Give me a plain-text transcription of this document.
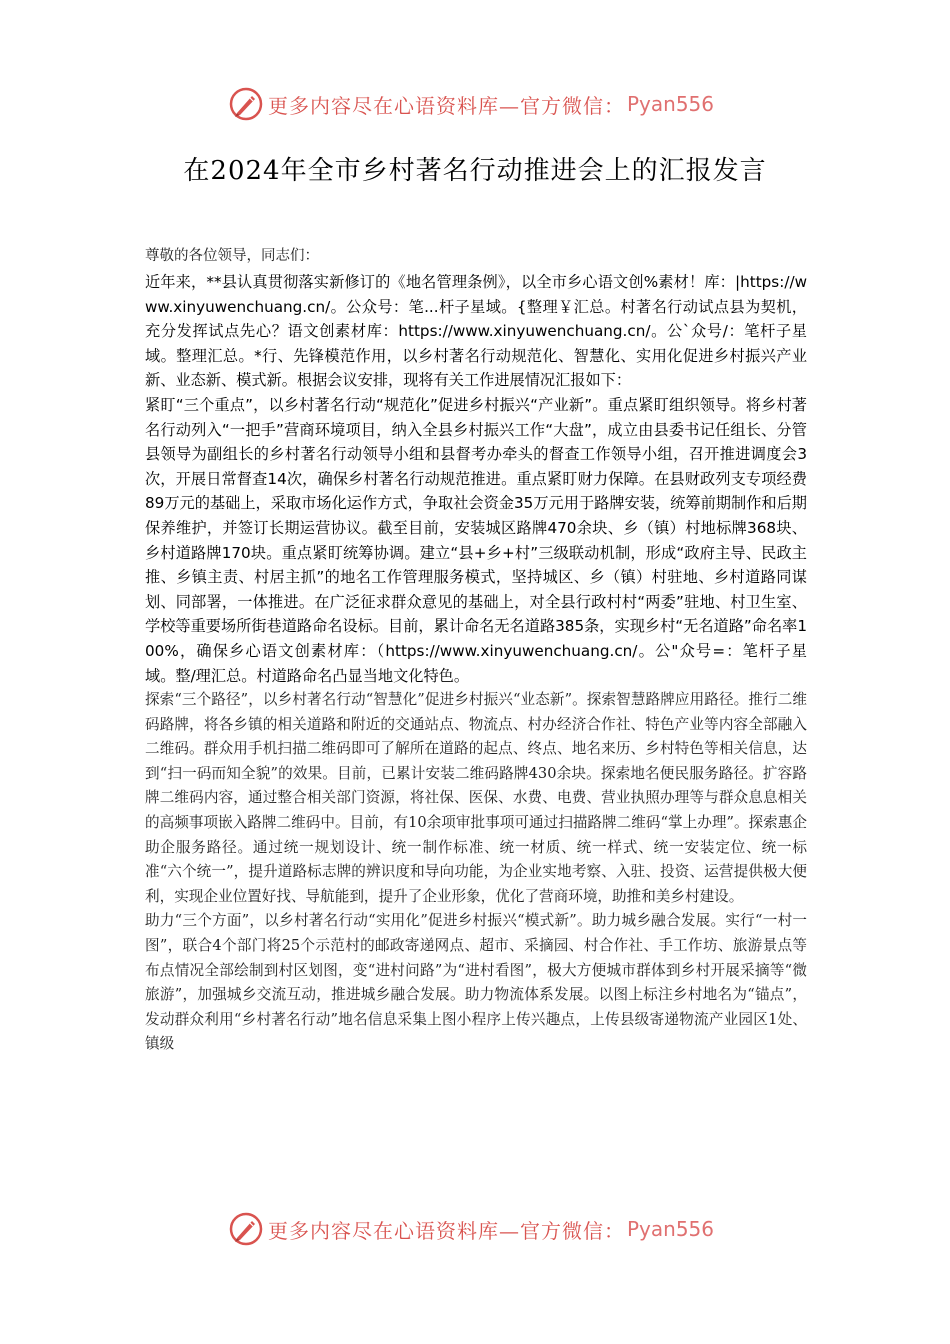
更多内容尽在心语资料库—官方微信： Pyan556
在2024年全市乡村著名行动推进会上的汇报发言

尊敬的各位领导，同志们：

近年来，**县认真贯彻落实新修订的《地名管理条例》，以全市乡心语文创%素材！库：|https://www.xinyuwenchuang.cn/。公众号：笔...杆子星域。{整理￥汇总。村著名行动试点县为契机，充分发挥试点先心？语文创素材库：https://www.xinyuwenchuang.cn/。公`众号/：笔杆子星域。整理汇总。*行、先锋模范作用，以乡村著名行动规范化、智慧化、实用化促进乡村振兴产业新、业态新、模式新。根据会议安排，现将有关工作进展情况汇报如下：

紧盯“三个重点”，以乡村著名行动“规范化”促进乡村振兴“产业新”。重点紧盯组织领导。将乡村著名行动列入“一把手”营商环境项目，纳入全县乡村振兴工作“大盘”，成立由县委书记任组长、分管县领导为副组长的乡村著名行动领导小组和县督考办牵头的督查工作领导小组，召开推进调度会3次，开展日常督查14次，确保乡村著名行动规范推进。重点紧盯财力保障。在县财政列支专项经费89万元的基础上，采取市场化运作方式，争取社会资金35万元用于路牌安装，统筹前期制作和后期保养维护，并签订长期运营协议。截至目前，安装城区路牌470余块、乡（镇）村地标牌368块、乡村道路牌170块。重点紧盯统筹协调。建立“县+乡+村”三级联动机制，形成“政府主导、民政主推、乡镇主责、村居主抓”的地名工作管理服务模式，坚持城区、乡（镇）村驻地、乡村道路同谋划、同部署，一体推进。在广泛征求群众意见的基础上，对全县行政村村“两委”驻地、村卫生室、学校等重要场所街巷道路命名设标。目前，累计命名无名道路385条，实现乡村“无名道路”命名率100%，确保乡心语文创素材库：（https://www.xinyuwenchuang.cn/。公"众号=：笔杆子星域。整/理汇总。村道路命名凸显当地文化特色。

探索“三个路径”，以乡村著名行动“智慧化”促进乡村振兴“业态新”。探索智慧路牌应用路径。推行二维码路牌，将各乡镇的相关道路和附近的交通站点、物流点、村办经济合作社、特色产业等内容全部融入二维码。群众用手机扫描二维码即可了解所在道路的起点、终点、地名来历、乡村特色等相关信息，达到“扫一码而知全貌”的效果。目前，已累计安装二维码路牌430余块。探索地名便民服务路径。扩容路牌二维码内容，通过整合相关部门资源，将社保、医保、水费、电费、营业执照办理等与群众息息相关的高频事项嵌入路牌二维码中。目前，有10余项审批事项可通过扫描路牌二维码“掌上办理”。探索惠企助企服务路径。通过统一规划设计、统一制作标准、统一材质、统一样式、统一安装定位、统一标准“六个统一”，提升道路标志牌的辨识度和导向功能，为企业实地考察、入驻、投资、运营提供极大便利，实现企业位置好找、导航能到，提升了企业形象，优化了营商环境，助推和美乡村建设。

助力“三个方面”，以乡村著名行动“实用化”促进乡村振兴“模式新”。助力城乡融合发展。实行“一村一图”，联合4个部门将25个示范村的邮政寄递网点、超市、采摘园、村合作社、手工作坊、旅游景点等布点情况全部绘制到村区划图，变“进村问路”为“进村看图”，极大方便城市群体到乡村开展采摘等“微旅游”，加强城乡交流互动，推进城乡融合发展。助力物流体系发展。以图上标注乡村地名为“锚点”，发动群众利用“乡村著名行动”地名信息采集上图小程序上传兴趣点，上传县级寄递物流产业园区1处、镇级

更多内容尽在心语资料库—官方微信： Pyan556
